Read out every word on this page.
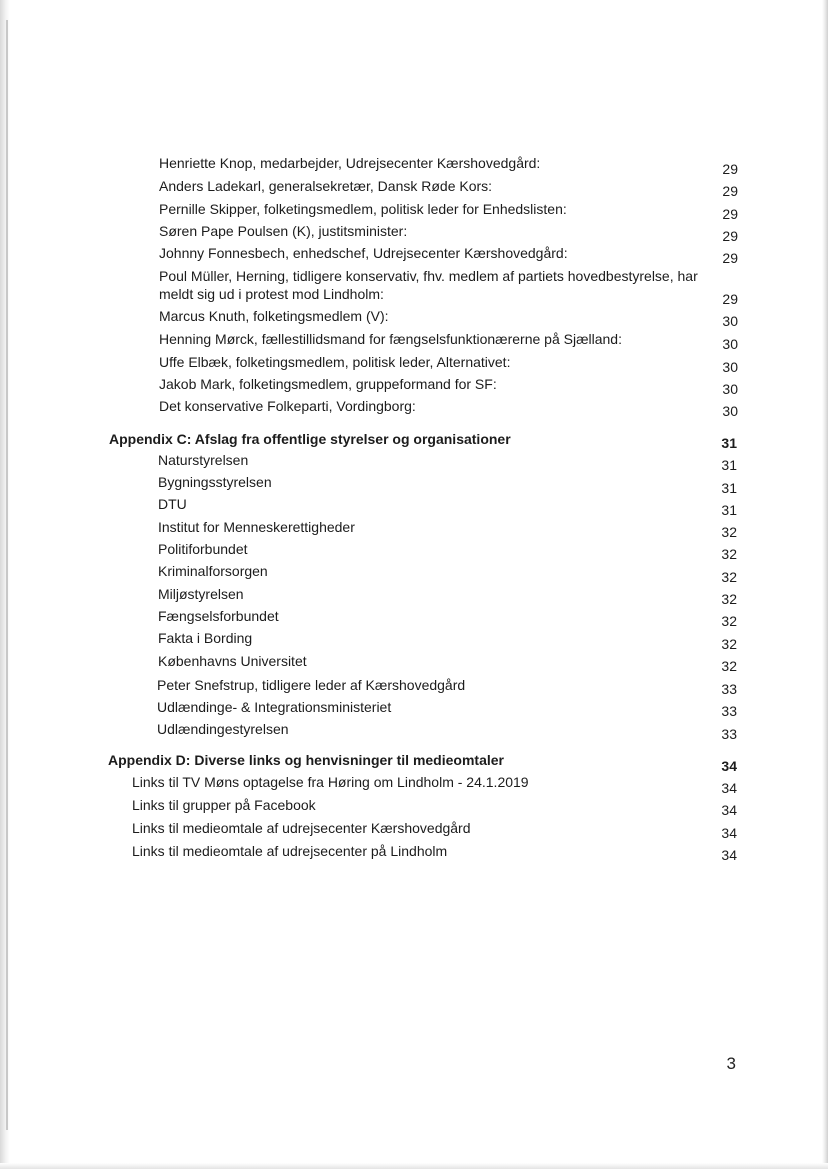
Henriette Knop, medarbejder, Udrejsecenter Kærshovedgård:	29
Anders Ladekarl, generalsekretær, Dansk Røde Kors:	29
Pernille Skipper, folketingsmedlem, politisk leder for Enhedslisten:	29
Søren Pape Poulsen (K), justitsminister:	29
Johnny Fonnesbech, enhedschef, Udrejsecenter Kærshovedgård:	29
Poul Müller, Herning, tidligere konservativ, fhv. medlem af partiets hovedbestyrelse, har
meldt sig ud i protest mod Lindholm:	29
Marcus Knuth, folketingsmedlem (V):	30
Henning Mørck, fællestillidsmand for fængselsfunktionærerne på Sjælland:	30
Uffe Elbæk, folketingsmedlem, politisk leder, Alternativet:	30
Jakob Mark, folketingsmedlem, gruppeformand for SF:	30
Det konservative Folkeparti, Vordingborg:	30
Appendix C: Afslag fra offentlige styrelser og organisationer	31
Naturstyrelsen	31
Bygningsstyrelsen	31
DTU	31
Institut for Menneskerettigheder	32
Politiforbundet	32
Kriminalforsorgen	32
Miljøstyrelsen	32
Fængselsforbundet	32
Fakta i Bording	32
Københavns Universitet	32
Peter Snefstrup, tidligere leder af Kærshovedgård	33
Udlændinge- & Integrationsministeriet	33
Udlændingestyrelsen	33
Appendix D: Diverse links og henvisninger til medieomtaler	34
Links til TV Møns optagelse fra Høring om Lindholm - 24.1.2019	34
Links til grupper på Facebook	34
Links til medieomtale af udrejsecenter Kærshovedgård	34
Links til medieomtale af udrejsecenter på Lindholm	34
3
